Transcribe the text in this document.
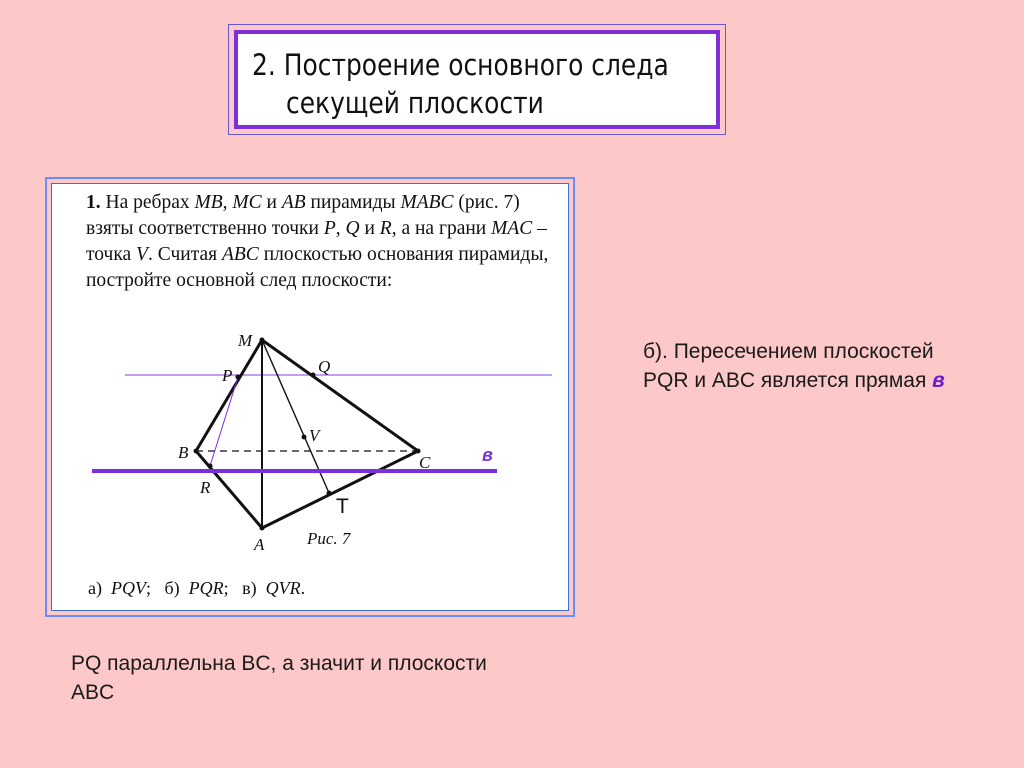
2. Построение основного следа
секущей плоскости
1. На ребрах MB, MC и AB пирамиды MABC (рис. 7) взяты соответственно точки P, Q и R, а на грани MAC – точка V. Считая ABC плоскостью основания пирамиды, постройте основной след плоскости:
M
P	Q
V
B
C
R
A
T
в
Рис. 7
а) PQV; б) PQR; в) QVR.
б). Пересечением плоскостей PQR и ABC является прямая в
PQ параллельна BC, а значит и плоскости ABC
